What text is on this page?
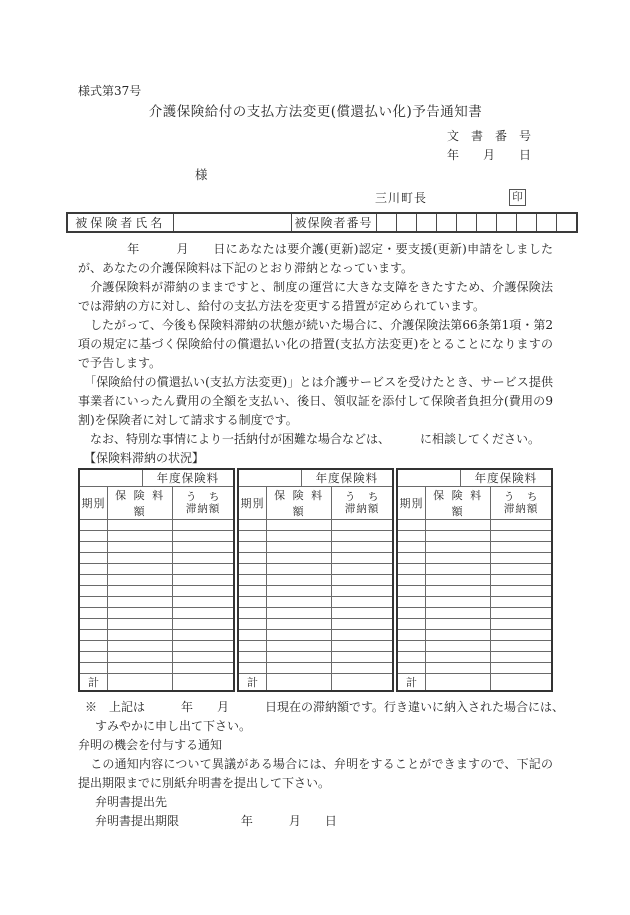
様式第37号
介護保険給付の支払方法変更(償還払い化)予告通知書
文　書　番　号
年　　月　　日
様
三川町長	印
被保険者氏名		被保険者番号										

　　　　年　　　月　　日にあなたは要介護(更新)認定・要支援(更新)申請をしましたが、あなたの介護保険料は下記のとおり滞納となっています。

　介護保険料が滞納のままですと、制度の運営に大きな支障をきたすため、介護保険法では滞納の方に対し、給付の支払方法を変更する措置が定められています。

　したがって、今後も保険料滞納の状態が続いた場合に、介護保険法第66条第1項・第2項の規定に基づく保険給付の償還払い化の措置(支払方法変更)をとることになりますので予告します。

　「保険給付の償還払い(支払方法変更)」とは介護サービスを受けたとき、サービス提供事業者にいったん費用の全額を支払い、後日、領収証を添付して保険者負担分(費用の9割)を保険者に対して請求する制度です。

　なお、特別な事情により一括納付が困難な場合などは、　　　に相談してください。

【保険料滞納の状況】
		年度保険料	
期別	保 険 料 額		う　ち
滞納額

計			
		年度保険料	
期別	保 険 料 額		う　ち
滞納額

計			
		年度保険料	
期別	保 険 料 額		う　ち
滞納額

計			
※　上記は　　　年　　月　　　日現在の滞納額です。行き違いに納入された場合には、
すみやかに申し出て下さい。
弁明の機会を付与する通知

　この通知内容について異議がある場合には、弁明をすることができますので、下記の提出期限までに別紙弁明書を提出して下さい。

弁明書提出先
弁明書提出期限	年　　　月　　日
